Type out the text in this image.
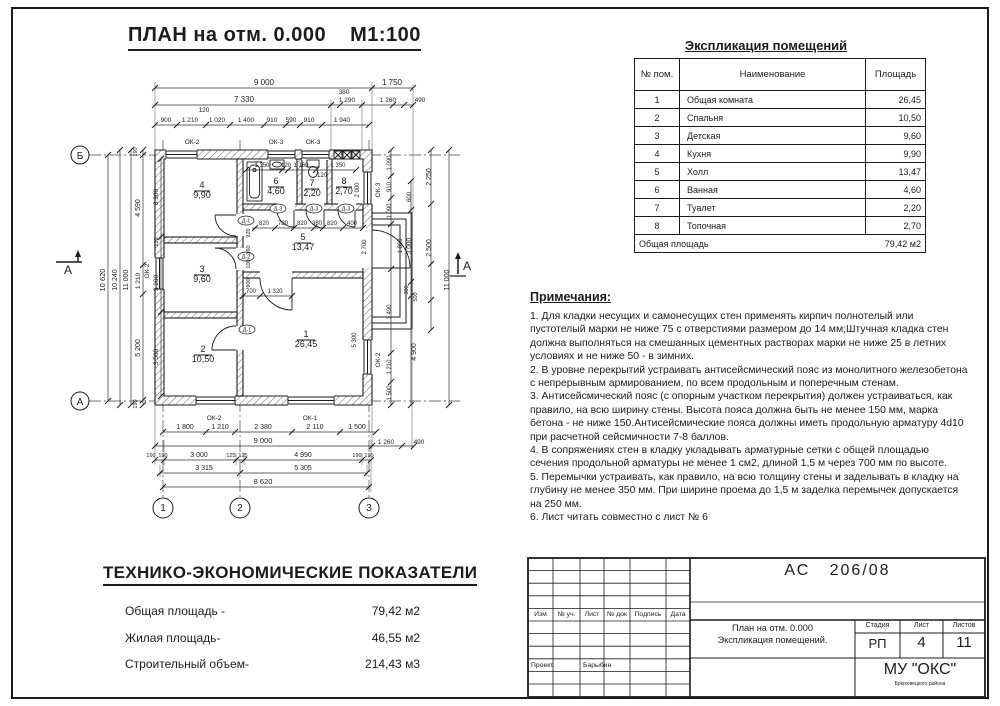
9 000	1 750
7 330
380
1 290	1 260	490
120
900 1 210 1 020 1 400 910 590 910	1 940
ОК-2	ОК-3	ОК-3
10 620 10 240 11 000
4 590
1 210
5 200
190
190
ОК-2
3 300
120
3 200
3 500
4
9,90
3
9,60
2
10,50
1
26,45
5
13,47
6
4,60
7
2,20
8
2,70
820 780 820 380 820 400
1 350 120 1 160	1 350
120
2 000
Д-3	Д-3	Д-3
Д-1
Д-2
Д-1
920
160
100
900
700 1 320
2 700
5 300
ОК-3
ОК-2
1 090
910
1 090
1 890
3 490
1 210
1 500
600
3 000
300
500
2 250
2 500
4 900
11 000
ОК-2	ОК-1
1 800 1 210	2 380	2 110	1 500
9 000	1 260	490
190 190	3 000	125 125	4 990	190 190
3 315	5 305
8 620
1	2	3
Б
А
А	А
ПЛАН на отм. 0.000 М1:100	Экспликация помещений
№ пом.	Наименование	Площадь
1	Общая комната	26,45
2	Спальня	10,50
3	Детская	9,60
4	Кухня	9,90
5	Холл	13,47
6	Ванная	4,60
7	Туалет	2,20
8	Топочная	2,70

Общая площадь 79,42 м2		
Примечания:

1. Для кладки несущих и самонесущих стен применять кирпич полнотелый или пустотелый марки не ниже 75 с отверстиями размером до 14 мм;Штучная кладка стен должна выполняться на смешанных цементных растворах марки не ниже 25 в летних условиях и не ниже 50 - в зимних.

2. В уровне перекрытий устраивать антисейсмический пояс из монолитного железобетона с непрерывным армированием, по всем продольным и поперечным стенам.

3. Антисейсмический пояс (с опорным участком перекрытия) должен устраиваться, как правило, на всю ширину стены. Высота пояса должна быть не менее 150 мм, марка бетона - не ниже 150.Антисейсмические пояса должны иметь продольную арматуру 4d10 при расчетной сейсмичности 7-8 баллов.

4. В сопряжениях стен в кладку укладывать арматурные сетки с общей площадью сечения продольной арматуры не менее 1 см2, длиной 1,5 м через 700 мм по высоте.

5. Перемычки устраивать, как правило, на всю толщину стены и заделывать в кладку на глубину не менее 350 мм. При ширине проема до 1,5 м заделка перемычек допускается на 250 мм.

6. Лист читать совместно с лист № 6

ТЕХНИКО-ЭКОНОМИЧЕСКИЕ ПОКАЗАТЕЛИ
Общая площадь -	79,42 м2
Жилая площадь-	46,55 м2
Строительный объем-	214,43 м3
АС   206/08
Изм	№ уч.	Лист	№ док	Подпись	Дата
Проект.	Барыбин
План на отм. 0.000
Экспликация помещений.
Стадия	Лист	Листов
РП	4	11
МУ "ОКС"
Брюховецкого района
